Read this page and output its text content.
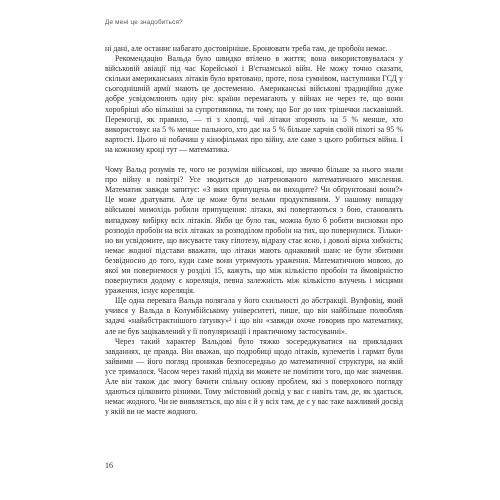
Де мені це знадобиться?

ні дані, але останнє набагато достовірніше. Бронювати треба там, де пробоїн немає.

Рекомендацію Вальда було швидко втілено в життя; вона використовувалася у військовій авіації під час Корейської і В'єтнамської війн. Не можу точно сказати, скільки американських літаків було врятовано, проте, поза сумнівом, наступники ГСД у сьогоднішній армії знають це достеменно. Американські військові традиційно дуже добре усвідомлюють одну річ: країни перемагають у війнах не через те, що вони хоробріші або вільніші за супротивника, ти тому, що Бог до них трішечки ласкавіший. Перемогці, як правило, — ті з хлопці, чиї літаки згоряють на 5 % менше, хто використовує на 5 % менше пального, хто дає на 5 % більше харчів своїй піхоті за 95 % вартості. Цього ні побачиш у кінофільмах про війну, але саме з цього робиться війна. І на кожному кроці тут — математика.

Чому Вальд розумів те, чого не розуміли військові, що звично більше за нього знали про війну в повітрі? Усе зводиться до натренованого математичного мислення. Математик завжди запитує: «З яких припущень ви виходите? Чи обґрунтовані вони?» Це може дратувати. Але це може бути вельми продуктивним. У нашому випадку військові мимохідь робили припущення: літаки, які повертаються з бою, становлять випадкову вибірку всіх літаків. Якби це було так, можна було б робити висновки про розподіл пробоїн на всіх літаках за розподілом пробоїн на тих, що повернулися. Тільки-но ви усвідомите, що висуваєте таку гіпотезу, відразу стає ясно, і доволі вірна хибність; немає жодної підстави вважати, що літаки мають однаковий шанс не бути збитими безвідносно до того, куди саме вони утримують ураження. Математичною мовою, до якої ми повернемося у розділі 15, кажуть, що між кількістю пробоїн та ймовірністю повернутися додому є кореляція, певна залежність між кількістю влучень і місцями ураження, існує кореляція.

Ще одна перевага Вальда полягала у його схильності до абстракції. Вулфовіц, який учився у Вальда в Колумбійському університеті, пише, що він найбільше полюбляв задачі «найабстрактнішого ґатунку»² і що він «завжди охоче говорив про математику, але не був зацікавлений у її популяризації і практичному застосуванні».

Через такий характер Вальдові було тяжко зосереджуватися на прикладних завданнях, це правда. Він вважав, що подробиці щодо літаків, кулеметів і гармат були зайвими — його погляд проникав безпосередньо до математичної структури, на якій усе трималося. Часом через такий підхід ви можете не помітити того, що має значення. Але він також дає змогу бачити спільну основу проблем, які з поверхового погляду здаються цілковито різними. Тому змістовний досвід у вас є навіть там, де, як здається, немає жодного. Чи не виявляється, що він є й у всіх там, де є у вас таке важливий досвід у якій ви не маєте жодного.

16
